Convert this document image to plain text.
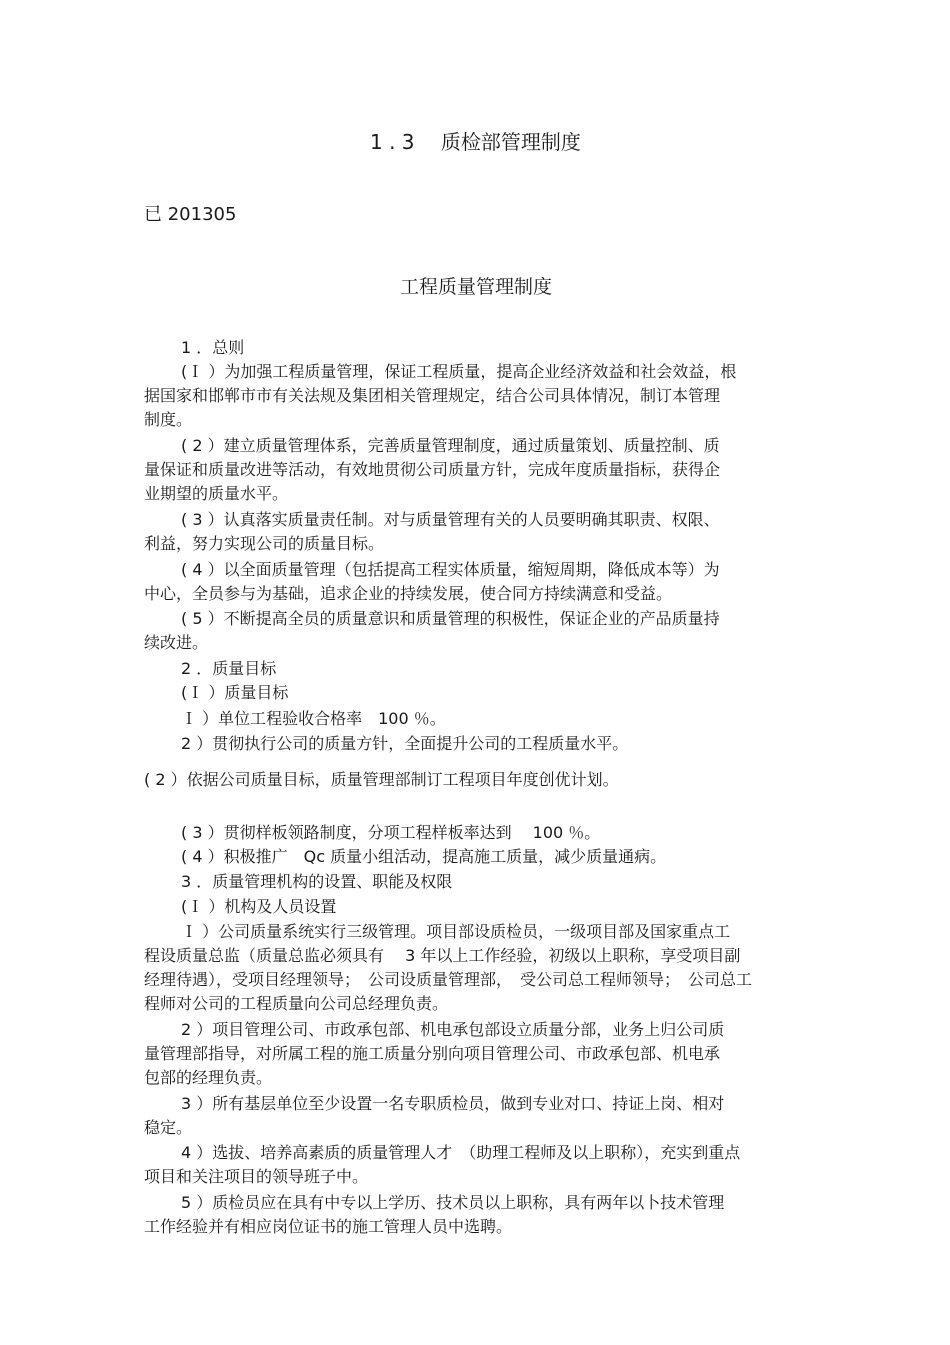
1 . 3　 质检部管理制度
已 201305
工程质量管理制度
1 ．总则
(Ｉ ）为加强工程质量管理，保证工程质量，提高企业经济效益和社会效益，根
据国家和邯郸市市有关法规及集团相关管理规定，结合公司具体情况，制订本管理
制度。
( 2 ）建立质量管理体系，完善质量管理制度，通过质量策划、质量控制、质
量保证和质量改进等活动，有效地贯彻公司质量方针，完成年度质量指标，获得企
业期望的质量水平。
( 3 ）认真落实质量责任制。对与质量管理有关的人员要明确其职责、权限、
利益，努力实现公司的质量目标。
( 4 ）以全面质量管理（包括提高工程实体质量，缩短周期，降低成本等）为
中心，全员参与为基础，追求企业的持续发展，使合同方持续满意和受益。
( 5 ）不断提高全员的质量意识和质量管理的积极性，保证企业的产品质量持
续改进。
2 ．质量目标
(Ｉ ）质量目标
Ｉ ）单位工程验收合格率　100 ％。
2 ）贯彻执行公司的质量方针，全面提升公司的工程质量水平。
( 2 ）依据公司质量目标，质量管理部制订工程项目年度创优计划。
( 3 ）贯彻样板领路制度，分项工程样板率达到　 100 ％。
( 4 ）积极推广　Qc 质量小组活动，提高施工质量，减少质量通病。
3 ．质量管理机构的设置、职能及权限
(Ｉ ）机构及人员设置
Ｉ ）公司质量系统实行三级管理。项目部设质检员，一级项目部及国家重点工
程设质量总监（质量总监必须具有　 3 年以上工作经验，初级以上职称，享受项目副
经理待遇），受项目经理领导；　公司设质量管理部，　受公司总工程师领导；　公司总工
程师对公司的工程质量向公司总经理负责。
2 ）项目管理公司、市政承包部、机电承包部设立质量分部，业务上归公司质
量管理部指导，对所属工程的施工质量分别向项目管理公司、市政承包部、机电承
包部的经理负责。
3 ）所有基层单位至少设置一名专职质检员，做到专业对口、持证上岗、相对
稳定。
4 ）选拔、培养高素质的质量管理人才　（助理工程师及以上职称），充实到重点
项目和关注项目的领导班子中。
5 ）质检员应在具有中专以上学历、技术员以上职称，具有两年以卜技术管理
工作经验并有相应岗位证书的施工管理人员中选聘。
